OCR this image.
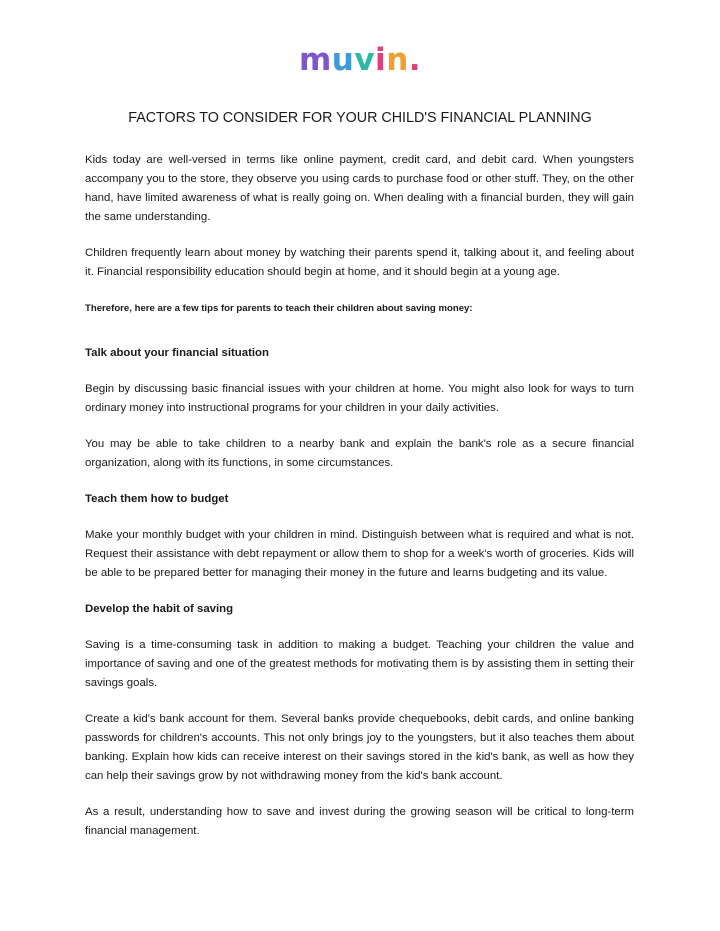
muvin.
FACTORS TO CONSIDER FOR YOUR CHILD'S FINANCIAL PLANNING

Kids today are well-versed in terms like online payment, credit card, and debit card. When youngsters accompany you to the store, they observe you using cards to purchase food or other stuff. They, on the other hand, have limited awareness of what is really going on. When dealing with a financial burden, they will gain the same understanding.

Children frequently learn about money by watching their parents spend it, talking about it, and feeling about it. Financial responsibility education should begin at home, and it should begin at a young age.

Therefore, here are a few tips for parents to teach their children about saving money:

Talk about your financial situation

Begin by discussing basic financial issues with your children at home. You might also look for ways to turn ordinary money into instructional programs for your children in your daily activities.

You may be able to take children to a nearby bank and explain the bank's role as a secure financial organization, along with its functions, in some circumstances.

Teach them how to budget

Make your monthly budget with your children in mind. Distinguish between what is required and what is not. Request their assistance with debt repayment or allow them to shop for a week's worth of groceries. Kids will be able to be prepared better for managing their money in the future and learns budgeting and its value.

Develop the habit of saving

Saving is a time-consuming task in addition to making a budget. Teaching your children the value and importance of saving and one of the greatest methods for motivating them is by assisting them in setting their savings goals.

Create a kid's bank account for them. Several banks provide chequebooks, debit cards, and online banking passwords for children's accounts. This not only brings joy to the youngsters, but it also teaches them about banking. Explain how kids can receive interest on their savings stored in the kid's bank, as well as how they can help their savings grow by not withdrawing money from the kid's bank account.

As a result, understanding how to save and invest during the growing season will be critical to long-term financial management.
